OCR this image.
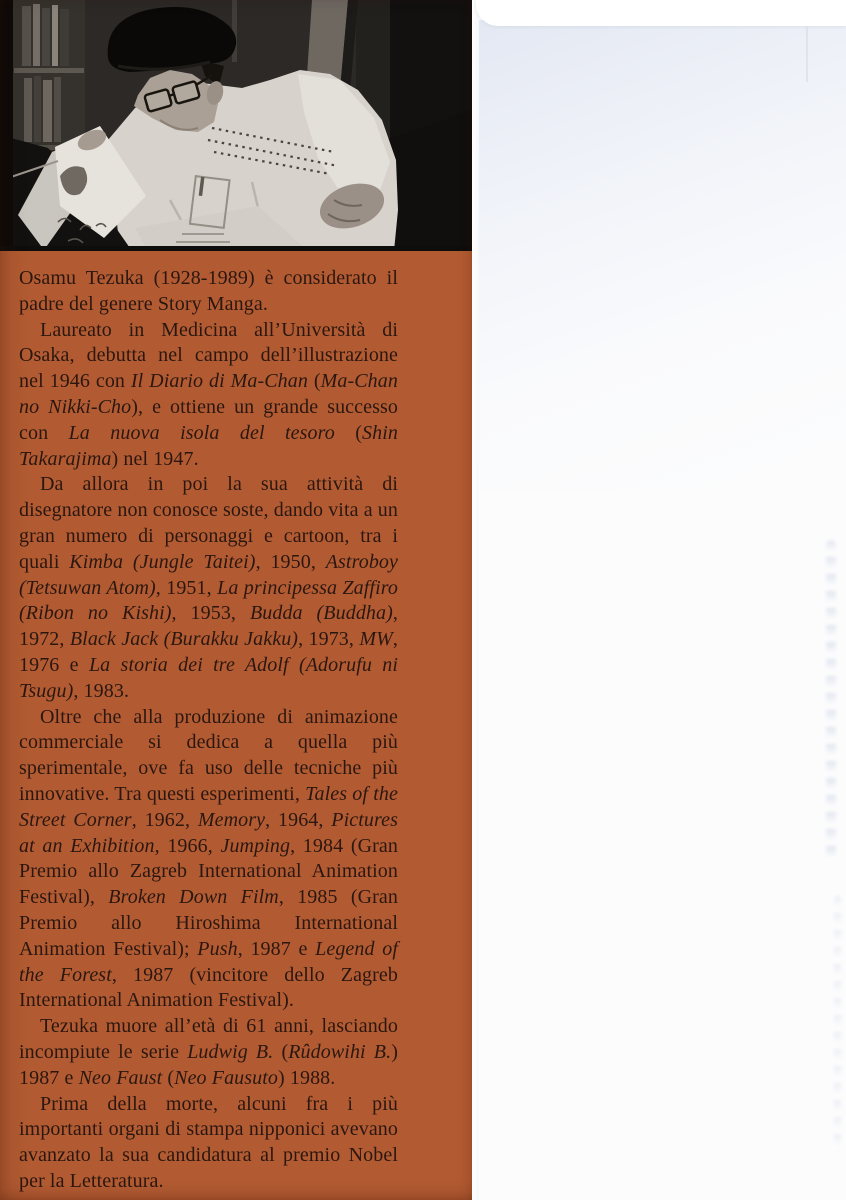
Osamu Tezuka (1928-1989) è considerato il padre del genere Story Manga.

Laureato in Medicina all’Università di Osaka, debutta nel campo dell’illustrazione nel 1946 con Il Diario di Ma-Chan (Ma-Chan no Nikki-Cho), e ottiene un grande successo con La nuova isola del tesoro (Shin Takarajima) nel 1947.

Da allora in poi la sua attività di disegnatore non conosce soste, dando vita a un gran numero di personaggi e cartoon, tra i quali Kimba (Jungle Taitei), 1950, Astroboy (Tetsuwan Atom), 1951, La principessa Zaffiro (Ribon no Kishi), 1953, Budda (Buddha), 1972, Black Jack (Burakku Jakku), 1973, MW, 1976 e La storia dei tre Adolf (Adorufu ni Tsugu), 1983.

Oltre che alla produzione di animazione commerciale si dedica a quella più sperimentale, ove fa uso delle tecniche più innovative. Tra questi esperimenti, Tales of the Street Corner, 1962, Memory, 1964, Pictures at an Exhibition, 1966, Jumping, 1984 (Gran Premio allo Zagreb International Animation Festival), Broken Down Film, 1985 (Gran Premio allo Hiroshima International Animation Festival); Push, 1987 e Legend of the Forest, 1987 (vincitore dello Zagreb International Animation Festival).

Tezuka muore all’età di 61 anni, lasciando incompiute le serie Ludwig B. (Rûdowihi B.) 1987 e Neo Faust (Neo Fausuto) 1988.

Prima della morte, alcuni fra i più importanti organi di stampa nipponici avevano avanzato la sua candidatura al premio Nobel per la Letteratura.
